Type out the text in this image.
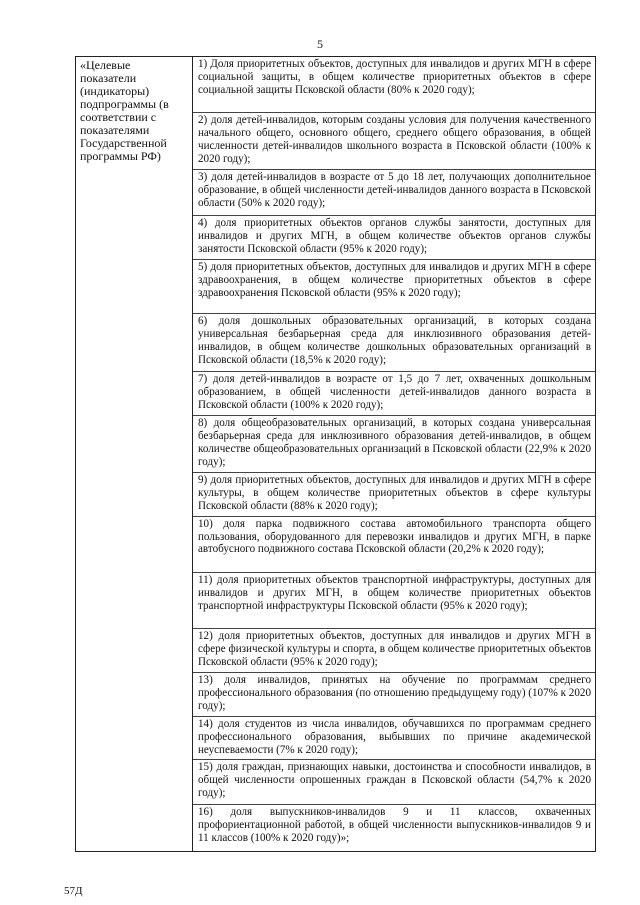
5
«Целевые показатели (индикаторы) подпрограммы (в соответствии с показателями Государственной программы РФ)
1) Доля приоритетных объектов, доступных для инвалидов и других МГН в сфере социальной защиты, в общем количестве приоритетных объектов в сфере социальной защиты Псковской области (80% к 2020 году);
2) доля детей-инвалидов, которым созданы условия для получения качественного начального общего, основного общего, среднего общего образования, в общей численности детей-инвалидов школьного возраста в Псковской области (100% к 2020 году);
3) доля детей-инвалидов в возрасте от 5 до 18 лет, получающих дополнительное образование, в общей численности детей-инвалидов данного возраста в Псковской области (50% к 2020 году);
4) доля приоритетных объектов органов службы занятости, доступных для инвалидов и других МГН, в общем количестве объектов органов службы занятости Псковской области (95% к 2020 году);
5) доля приоритетных объектов, доступных для инвалидов и других МГН в сфере здравоохранения, в общем количестве приоритетных объектов в сфере здравоохранения Псковской области (95% к 2020 году);
6) доля дошкольных образовательных организаций, в которых создана универсальная безбарьерная среда для инклюзивного образования детей-инвалидов, в общем количестве дошкольных образовательных организаций в Псковской области (18,5% к 2020 году);
7) доля детей-инвалидов в возрасте от 1,5 до 7 лет, охваченных дошкольным образованием, в общей численности детей-инвалидов данного возраста в Псковской области (100% к 2020 году);
8) доля общеобразовательных организаций, в которых создана универсальная безбарьерная среда для инклюзивного образования детей-инвалидов, в общем количестве общеобразовательных организаций в Псковской области (22,9% к 2020 году);
9) доля приоритетных объектов, доступных для инвалидов и других МГН в сфере культуры, в общем количестве приоритетных объектов в сфере культуры Псковской области (88% к 2020 году);
10) доля парка подвижного состава автомобильного транспорта общего пользования, оборудованного для перевозки инвалидов и других МГН, в парке автобусного подвижного состава Псковской области (20,2% к 2020 году);
11) доля приоритетных объектов транспортной инфраструктуры, доступных для инвалидов и других МГН, в общем количестве приоритетных объектов транспортной инфраструктуры Псковской области (95% к 2020 году);
12) доля приоритетных объектов, доступных для инвалидов и других МГН в сфере физической культуры и спорта, в общем количестве приоритетных объектов Псковской области (95% к 2020 году);
13) доля инвалидов, принятых на обучение по программам среднего профессионального образования (по отношению предыдущему году) (107% к 2020 году);
14) доля студентов из числа инвалидов, обучавшихся по программам среднего профессионального образования, выбывших по причине академической неуспеваемости (7% к 2020 году);
15) доля граждан, признающих навыки, достоинства и способности инвалидов, в общей численности опрошенных граждан в Псковской области (54,7% к 2020 году);
16) доля выпускников-инвалидов 9 и 11 классов, охваченных профориентационной работой, в общей численности выпускников-инвалидов 9 и 11 классов (100% к 2020 году)»;
57Д
